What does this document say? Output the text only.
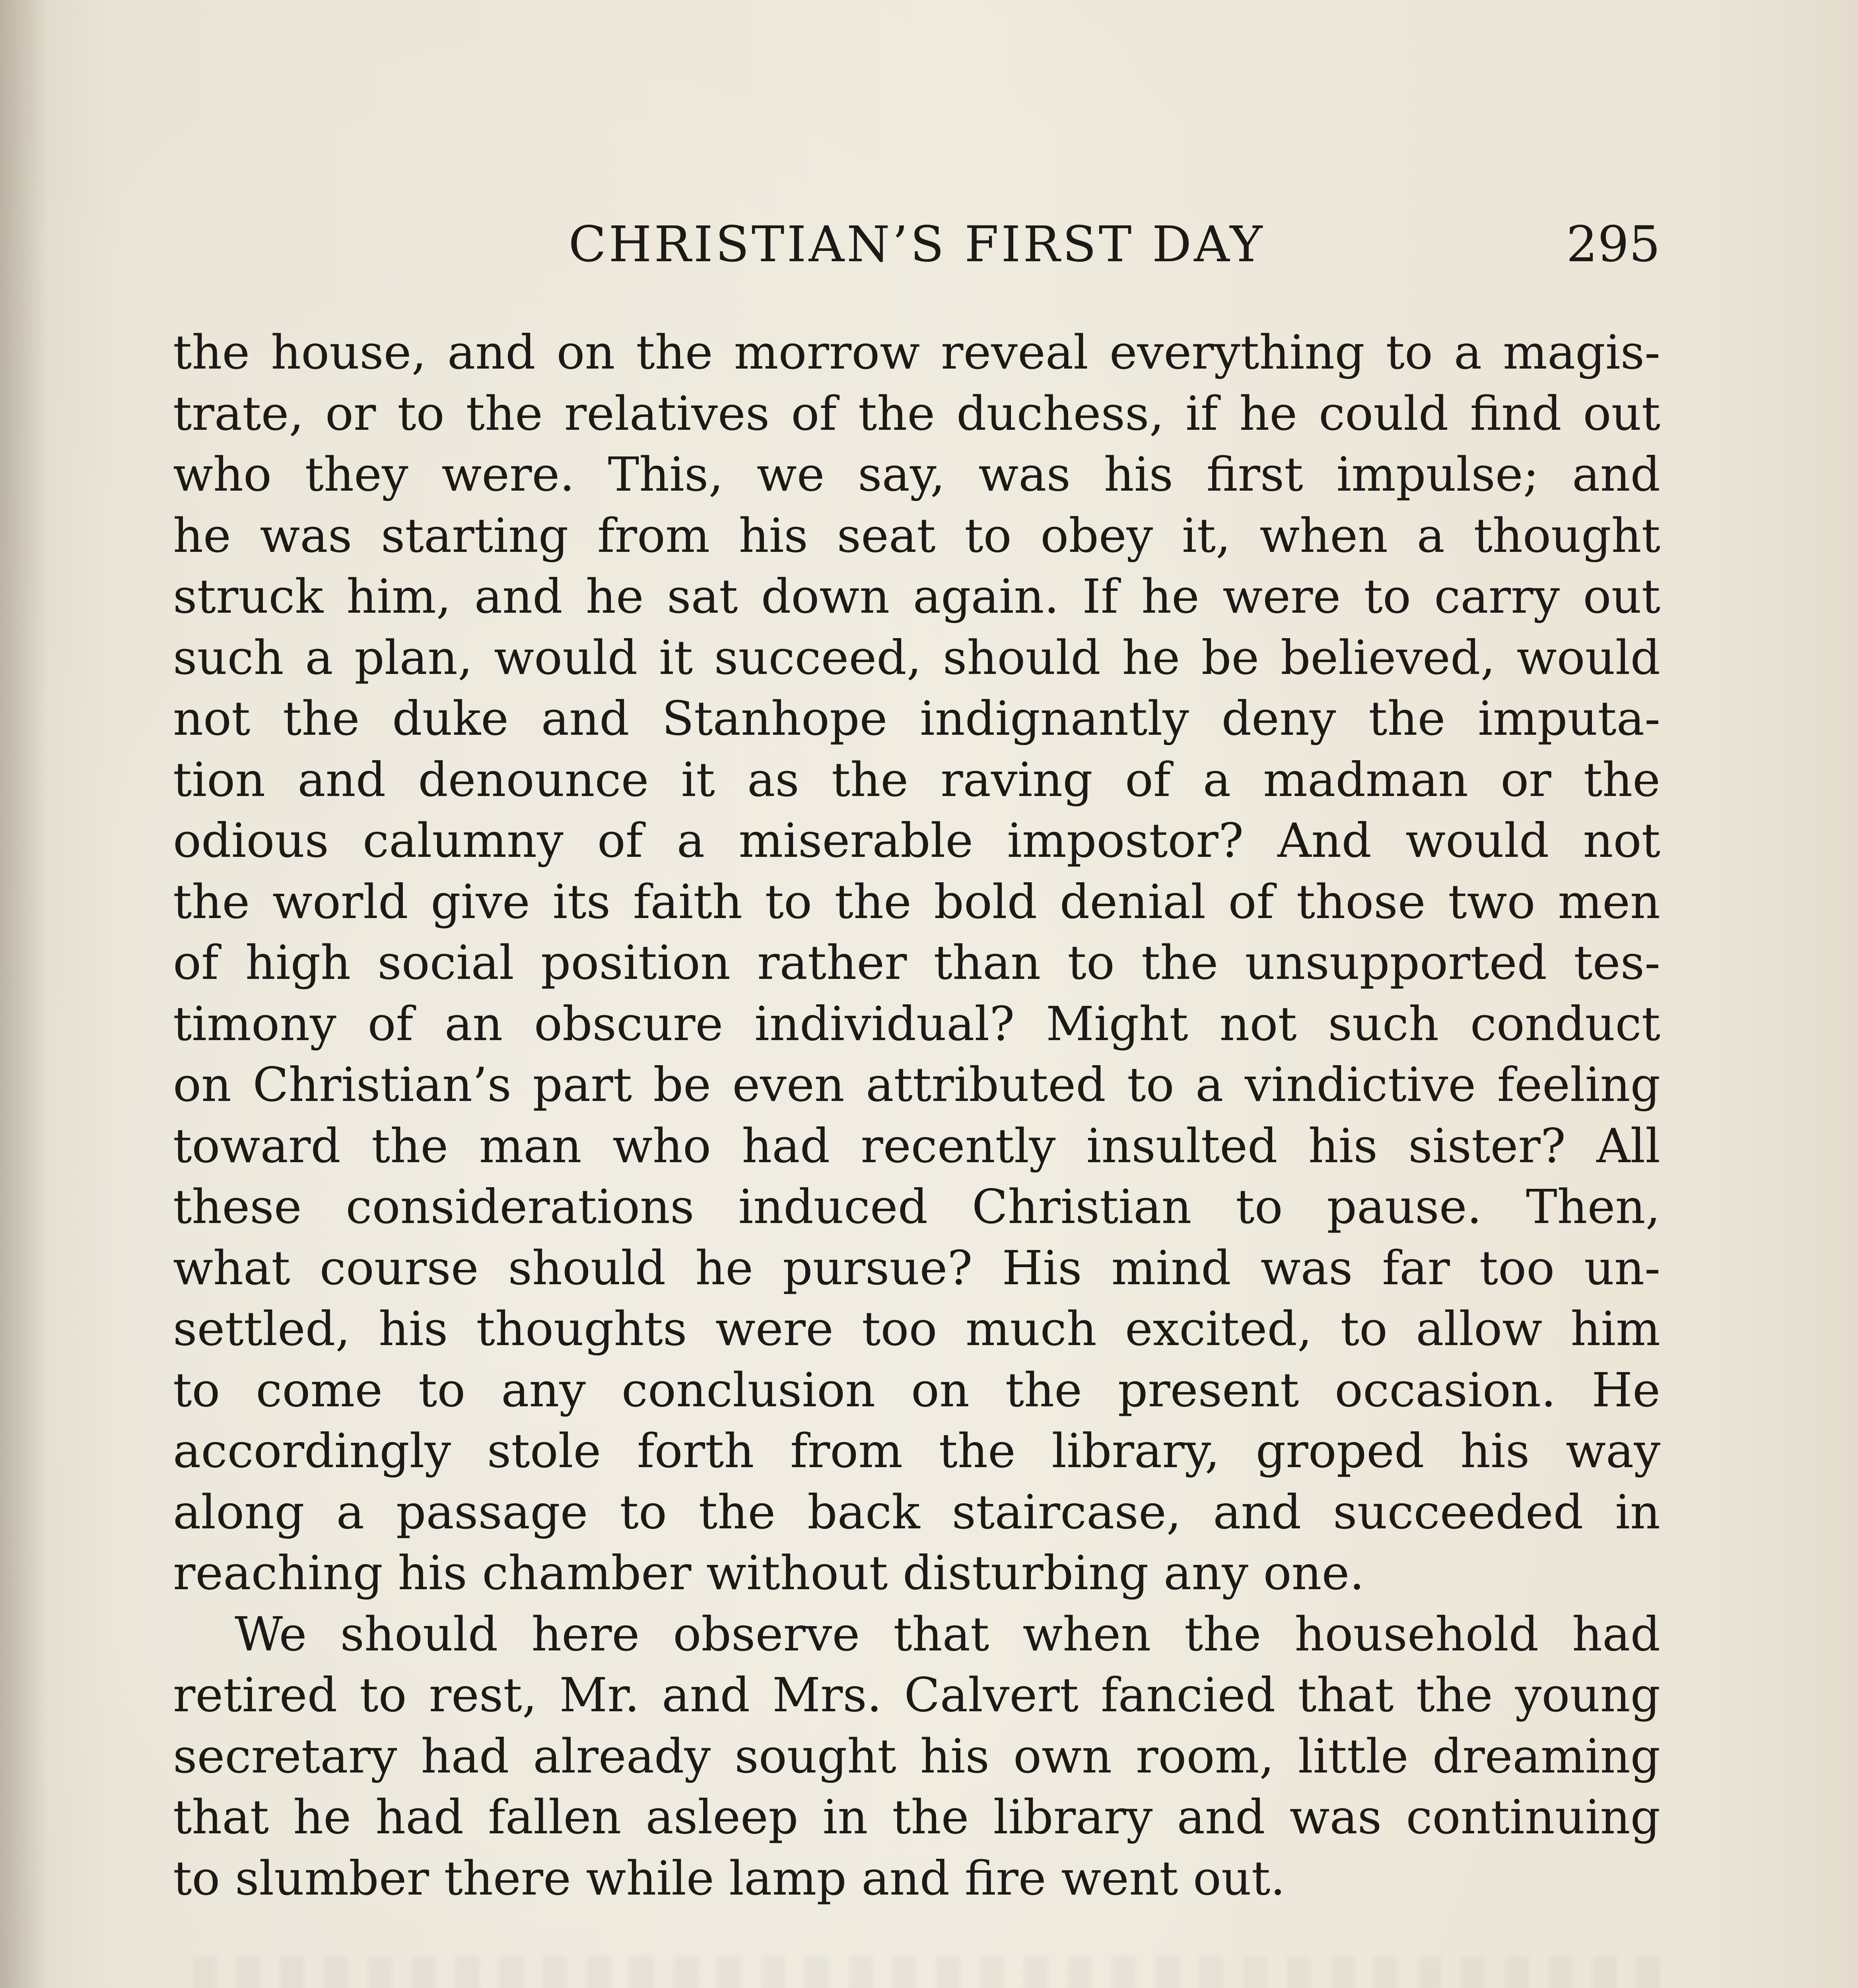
CHRISTIAN’S FIRST DAY	295
the house, and on the morrow reveal everything to a magis-
trate, or to the relatives of the duchess, if he could find out
who they were. This, we say, was his first impulse; and
he was starting from his seat to obey it, when a thought
struck him, and he sat down again. If he were to carry out
such a plan, would it succeed, should he be believed, would
not the duke and Stanhope indignantly deny the imputa-
tion and denounce it as the raving of a madman or the
odious calumny of a miserable impostor? And would not
the world give its faith to the bold denial of those two men
of high social position rather than to the unsupported tes-
timony of an obscure individual? Might not such conduct
on Christian’s part be even attributed to a vindictive feeling
toward the man who had recently insulted his sister? All
these considerations induced Christian to pause. Then,
what course should he pursue? His mind was far too un-
settled, his thoughts were too much excited, to allow him
to come to any conclusion on the present occasion. He
accordingly stole forth from the library, groped his way
along a passage to the back staircase, and succeeded in
reaching his chamber without disturbing any one.
We should here observe that when the household had
retired to rest, Mr. and Mrs. Calvert fancied that the young
secretary had already sought his own room, little dreaming
that he had fallen asleep in the library and was continuing
to slumber there while lamp and fire went out.
